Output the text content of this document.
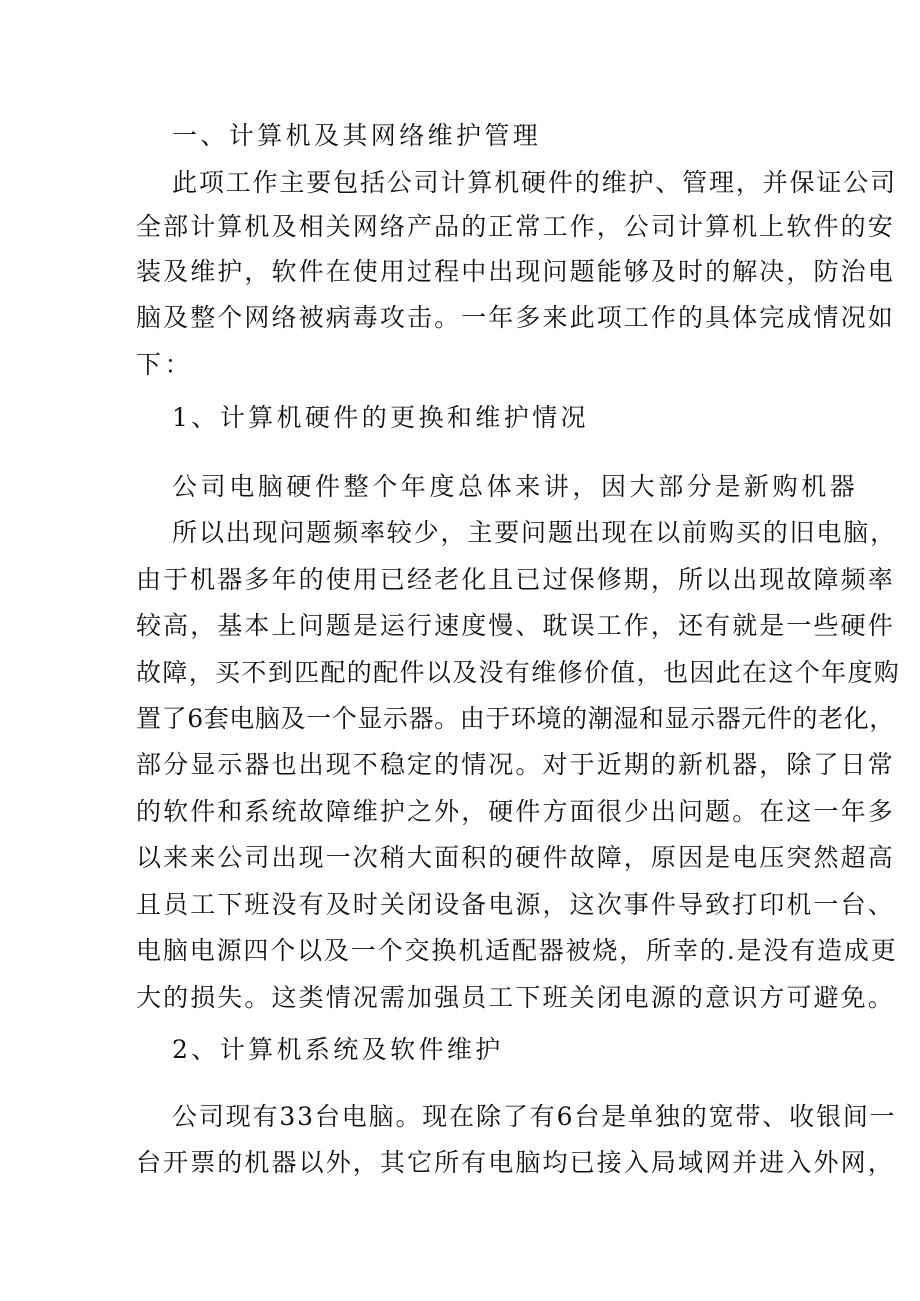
一、计算机及其网络维护管理
此项工作主要包括公司计算机硬件的维护、管理，并保证公司
全部计算机及相关网络产品的正常工作，公司计算机上软件的安
装及维护，软件在使用过程中出现问题能够及时的解决，防治电
脑及整个网络被病毒攻击。一年多来此项工作的具体完成情况如
下：
1、计算机硬件的更换和维护情况
公司电脑硬件整个年度总体来讲，因大部分是新购机器
所以出现问题频率较少，主要问题出现在以前购买的旧电脑，
由于机器多年的使用已经老化且已过保修期，所以出现故障频率
较高，基本上问题是运行速度慢、耽误工作，还有就是一些硬件
故障，买不到匹配的配件以及没有维修价值，也因此在这个年度购
置了6套电脑及一个显示器。由于环境的潮湿和显示器元件的老化，
部分显示器也出现不稳定的情况。对于近期的新机器，除了日常
的软件和系统故障维护之外，硬件方面很少出问题。在这一年多
以来来公司出现一次稍大面积的硬件故障，原因是电压突然超高
且员工下班没有及时关闭设备电源，这次事件导致打印机一台、
电脑电源四个以及一个交换机适配器被烧，所幸的.是没有造成更
大的损失。这类情况需加强员工下班关闭电源的意识方可避免。
2、计算机系统及软件维护
公司现有33台电脑。现在除了有6台是单独的宽带、收银间一
台开票的机器以外，其它所有电脑均已接入局域网并进入外网，
